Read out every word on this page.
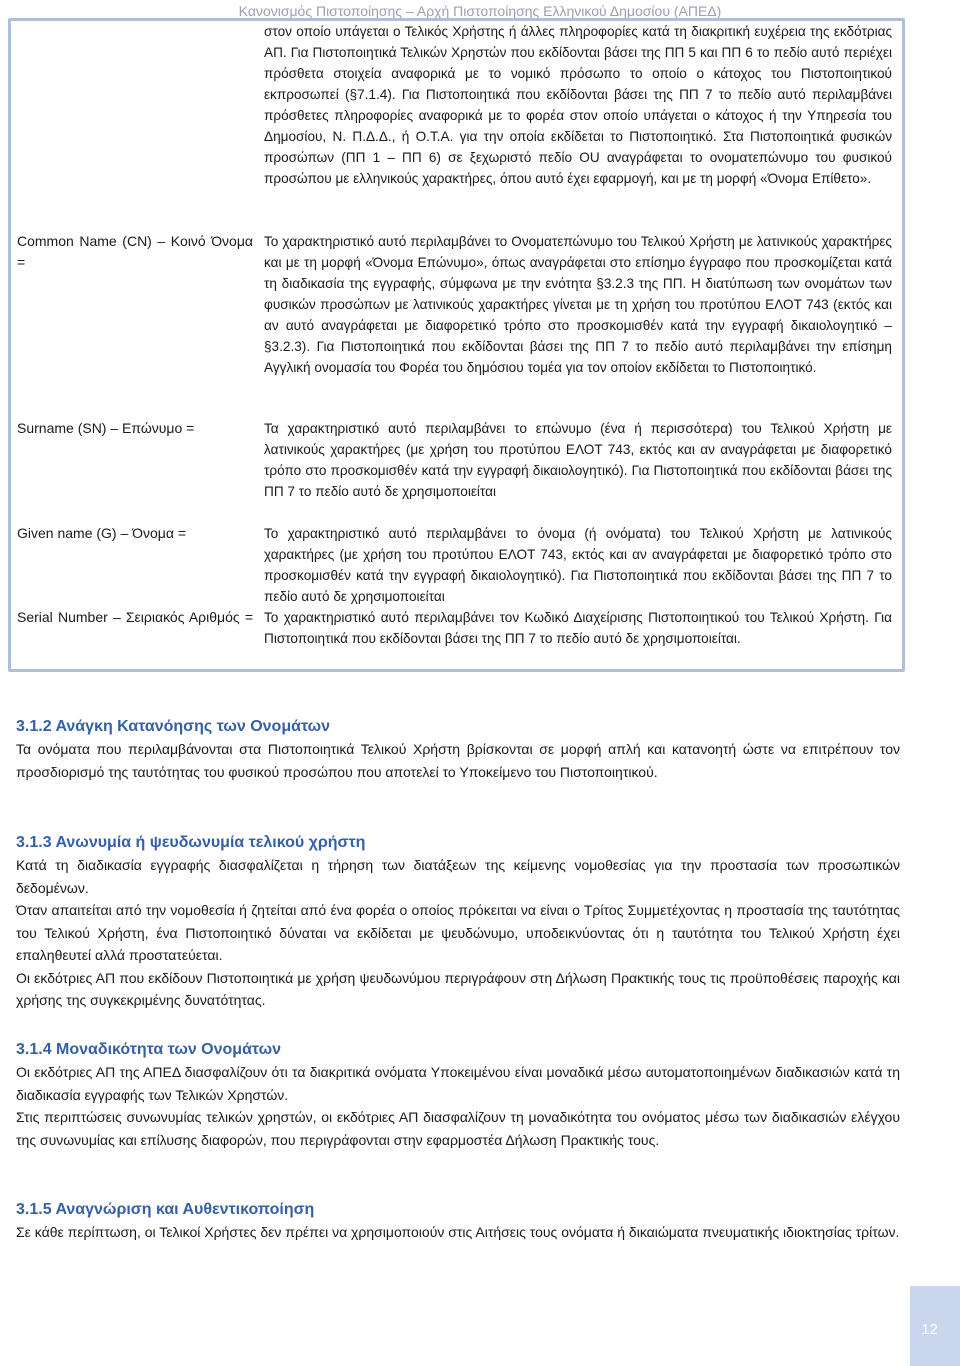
Κανονισμός Πιστοποίησης – Αρχή Πιστοποίησης Ελληνικού Δημοσίου (ΑΠΕΔ)
στον οποίο υπάγεται ο Τελικός Χρήστης ή άλλες πληροφορίες κατά τη διακριτική ευχέρεια της εκδότριας ΑΠ. Για Πιστοποιητικά Τελικών Χρηστών που εκδίδονται βάσει της ΠΠ 5 και ΠΠ 6 το πεδίο αυτό περιέχει πρόσθετα στοιχεία αναφορικά με το νομικό πρόσωπο το οποίο ο κάτοχος του Πιστοποιητικού εκπροσωπεί (§7.1.4). Για Πιστοποιητικά που εκδίδονται βάσει της ΠΠ 7 το πεδίο αυτό περιλαμβάνει πρόσθετες πληροφορίες αναφορικά με το φορέα στον οποίο υπάγεται ο κάτοχος ή την Υπηρεσία του Δημοσίου, Ν. Π.Δ.Δ., ή Ο.Τ.Α. για την οποία εκδίδεται το Πιστοποιητικό. Στα Πιστοποιητικά φυσικών προσώπων (ΠΠ 1 – ΠΠ 6) σε ξεχωριστό πεδίο OU αναγράφεται το ονοματεπώνυμο του φυσικού προσώπου με ελληνικούς χαρακτήρες, όπου αυτό έχει εφαρμογή, και με τη μορφή «Όνομα Επίθετο».
Common Name (CN) – Κοινό Όνομα =
Το χαρακτηριστικό αυτό περιλαμβάνει το Ονοματεπώνυμο του Τελικού Χρήστη με λατινικούς χαρακτήρες και με τη μορφή «Όνομα Επώνυμο», όπως αναγράφεται στο επίσημο έγγραφο που προσκομίζεται κατά τη διαδικασία της εγγραφής, σύμφωνα με την ενότητα §3.2.3 της ΠΠ. Η διατύπωση των ονομάτων των φυσικών προσώπων με λατινικούς χαρακτήρες γίνεται με τη χρήση του προτύπου ΕΛΟΤ 743 (εκτός και αν αυτό αναγράφεται με διαφορετικό τρόπο στο προσκομισθέν κατά την εγγραφή δικαιολογητικό – §3.2.3). Για Πιστοποιητικά που εκδίδονται βάσει της ΠΠ 7 το πεδίο αυτό περιλαμβάνει την επίσημη Αγγλική ονομασία του Φορέα του δημόσιου τομέα για τον οποίον εκδίδεται το Πιστοποιητικό.
Surname (SN) – Επώνυμο =	Τα χαρακτηριστικό αυτό περιλαμβάνει το επώνυμο (ένα ή περισσότερα) του Τελικού Χρήστη με λατινικούς χαρακτήρες (με χρήση του προτύπου ΕΛΟΤ 743, εκτός και αν αναγράφεται με διαφορετικό τρόπο στο προσκομισθέν κατά την εγγραφή δικαιολογητικό). Για Πιστοποιητικά που εκδίδονται βάσει της ΠΠ 7 το πεδίο αυτό δε χρησιμοποιείται
Given name (G) – Όνομα =	Το χαρακτηριστικό αυτό περιλαμβάνει το όνομα (ή ονόματα) του Τελικού Χρήστη με λατινικούς χαρακτήρες (με χρήση του προτύπου ΕΛΟΤ 743, εκτός και αν αναγράφεται με διαφορετικό τρόπο στο προσκομισθέν κατά την εγγραφή δικαιολογητικό). Για Πιστοποιητικά που εκδίδονται βάσει της ΠΠ 7 το πεδίο αυτό δε χρησιμοποιείται
Serial Number – Σειριακός Αριθμός = Το χαρακτηριστικό αυτό περιλαμβάνει τον Κωδικό Διαχείρισης Πιστοποιητικού του Τελικού Χρήστη. Για Πιστοποιητικά που εκδίδονται βάσει της ΠΠ 7 το πεδίο αυτό δε χρησιμοποιείται.
3.1.2 Ανάγκη Κατανόησης των Ονομάτων

Τα ονόματα που περιλαμβάνονται στα Πιστοποιητικά Τελικού Χρήστη βρίσκονται σε μορφή απλή και κατανοητή ώστε να επιτρέπουν τον προσδιορισμό της ταυτότητας του φυσικού προσώπου που αποτελεί το Υποκείμενο του Πιστοποιητικού.

3.1.3 Ανωνυμία ή ψευδωνυμία τελικού χρήστη

Κατά τη διαδικασία εγγραφής διασφαλίζεται η τήρηση των διατάξεων της κείμενης νομοθεσίας για την προστασία των προσωπικών δεδομένων.

Όταν απαιτείται από την νομοθεσία ή ζητείται από ένα φορέα ο οποίος πρόκειται να είναι ο Τρίτος Συμμετέχοντας η προστασία της ταυτότητας του Τελικού Χρήστη, ένα Πιστοποιητικό δύναται να εκδίδεται με ψευδώνυμο, υποδεικνύοντας ότι η ταυτότητα του Τελικού Χρήστη έχει επαληθευτεί αλλά προστατεύεται.

Οι εκδότριες ΑΠ που εκδίδουν Πιστοποιητικά με χρήση ψευδωνύμου περιγράφουν στη Δήλωση Πρακτικής τους τις προϋποθέσεις παροχής και χρήσης της συγκεκριμένης δυνατότητας.

3.1.4 Μοναδικότητα των Ονομάτων

Οι εκδότριες ΑΠ της ΑΠΕΔ διασφαλίζουν ότι τα διακριτικά ονόματα Υποκειμένου είναι μοναδικά μέσω αυτοματοποιημένων διαδικασιών κατά τη διαδικασία εγγραφής των Τελικών Χρηστών.

Στις περιπτώσεις συνωνυμίας τελικών χρηστών, οι εκδότριες ΑΠ διασφαλίζουν τη μοναδικότητα του ονόματος μέσω των διαδικασιών ελέγχου της συνωνυμίας και επίλυσης διαφορών, που περιγράφονται στην εφαρμοστέα Δήλωση Πρακτικής τους.

3.1.5 Αναγνώριση και Αυθεντικοποίηση

Σε κάθε περίπτωση, οι Τελικοί Χρήστες δεν πρέπει να χρησιμοποιούν στις Αιτήσεις τους ονόματα ή δικαιώματα πνευματικής ιδιοκτησίας τρίτων.

12
